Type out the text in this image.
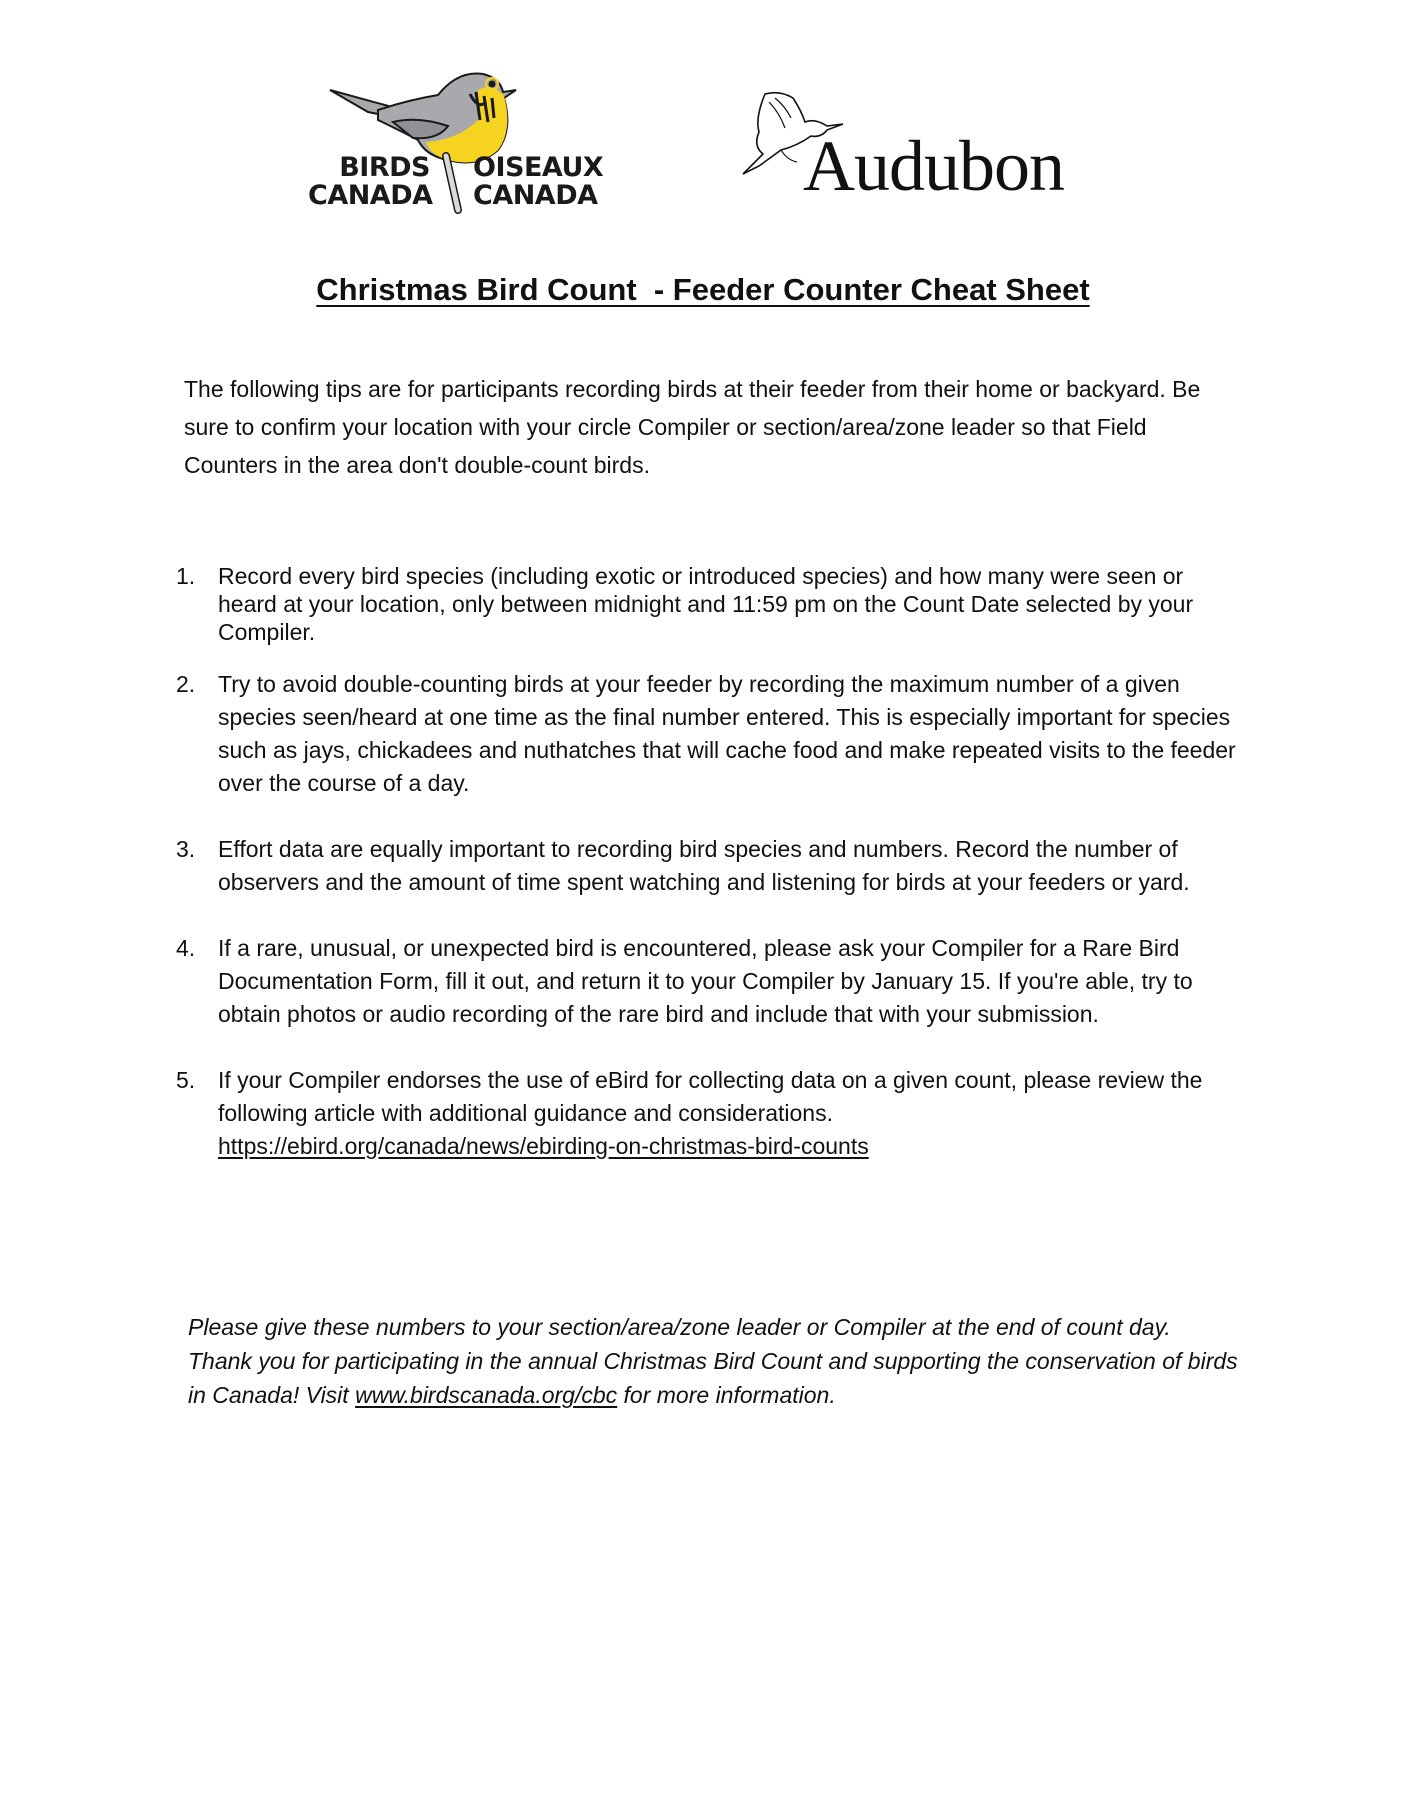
BIRDS
CANADA
OISEAUX
CANADA	Audubon
Christmas Bird Count  - Feeder Counter Cheat Sheet
The following tips are for participants recording birds at their feeder from their home or backyard. Be sure to confirm your location with your circle Compiler or section/area/zone leader so that Field Counters in the area don't double-count birds.
1. Record every bird species (including exotic or introduced species) and how many were seen or heard at your location, only between midnight and 11:59 pm on the Count Date selected by your Compiler.
2. Try to avoid double-counting birds at your feeder by recording the maximum number of a given species seen/heard at one time as the final number entered. This is especially important for species such as jays, chickadees and nuthatches that will cache food and make repeated visits to the feeder over the course of a day.
3. Effort data are equally important to recording bird species and numbers. Record the number of observers and the amount of time spent watching and listening for birds at your feeders or yard.
4. If a rare, unusual, or unexpected bird is encountered, please ask your Compiler for a Rare Bird Documentation Form, fill it out, and return it to your Compiler by January 15. If you're able, try to obtain photos or audio recording of the rare bird and include that with your submission.
5. If your Compiler endorses the use of eBird for collecting data on a given count, please review the following article with additional guidance and considerations. https://ebird.org/canada/news/ebirding-on-christmas-bird-counts
Please give these numbers to your section/area/zone leader or Compiler at the end of count day. Thank you for participating in the annual Christmas Bird Count and supporting the conservation of birds in Canada! Visit www.birdscanada.org/cbc for more information.
